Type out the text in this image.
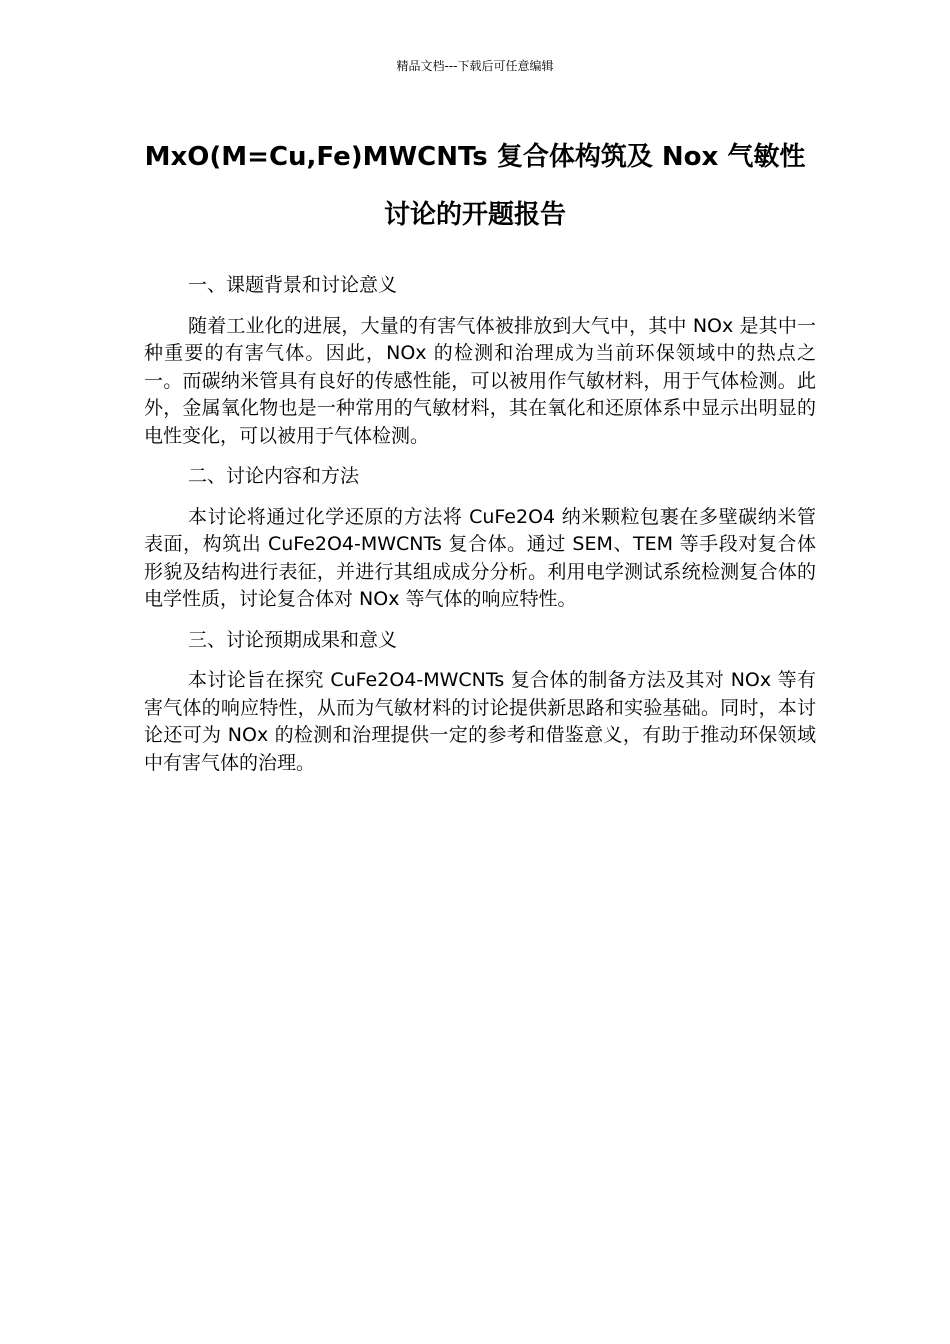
精品文档---下载后可任意编辑
MxO(M=Cu,Fe)MWCNTs 复合体构筑及 Nox 气敏性
讨论的开题报告
一、课题背景和讨论意义
随着工业化的进展，大量的有害气体被排放到大气中，其中 NOx 是其中一种重要的有害气体。因此，NOx 的检测和治理成为当前环保领域中的热点之一。而碳纳米管具有良好的传感性能，可以被用作气敏材料，用于气体检测。此外，金属氧化物也是一种常用的气敏材料，其在氧化和还原体系中显示出明显的电性变化，可以被用于气体检测。
二、讨论内容和方法
本讨论将通过化学还原的方法将 CuFe2O4 纳米颗粒包裹在多壁碳纳米管表面，构筑出 CuFe2O4-MWCNTs 复合体。通过 SEM、TEM 等手段对复合体形貌及结构进行表征，并进行其组成成分分析。利用电学测试系统检测复合体的电学性质，讨论复合体对 NOx 等气体的响应特性。
三、讨论预期成果和意义
本讨论旨在探究 CuFe2O4-MWCNTs 复合体的制备方法及其对 NOx 等有害气体的响应特性，从而为气敏材料的讨论提供新思路和实验基础。同时，本讨论还可为 NOx 的检测和治理提供一定的参考和借鉴意义，有助于推动环保领域中有害气体的治理。
